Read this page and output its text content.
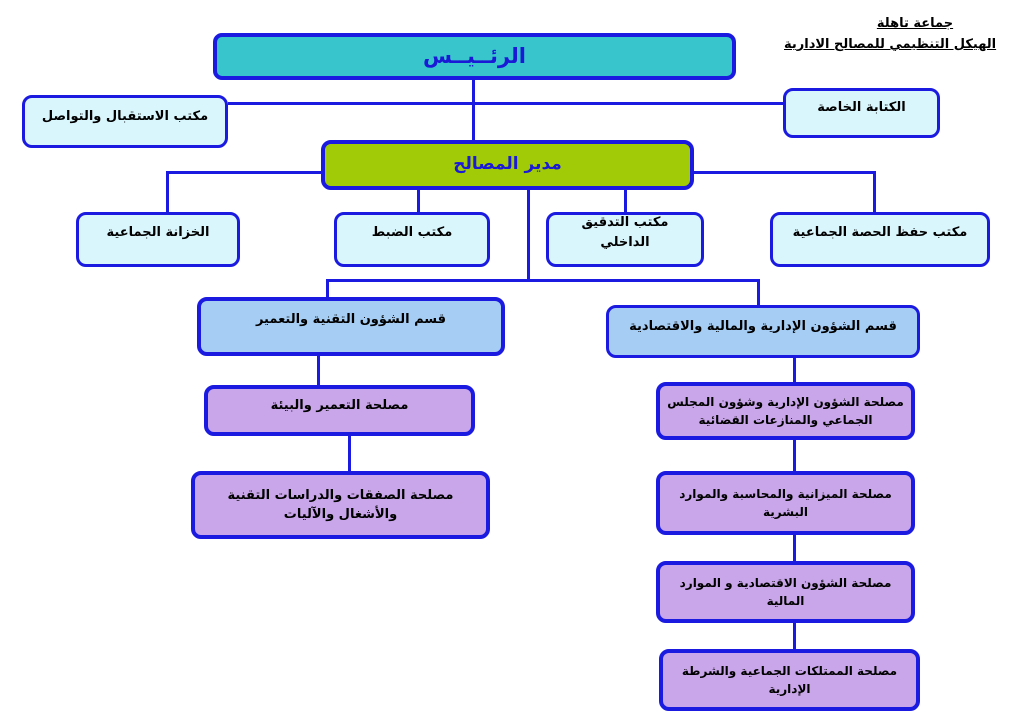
جماعة تاهلة
الهيكل التنظيمي للمصالح الادارية
الرئــيــس
مكتب الاستقبال والتواصل
الكتابة الخاصة
مدير المصالح
الخزانة الجماعية	مكتب الضبط
مكتب التدقيق الداخلي
مكتب حفظ الحصة الجماعية
قسم الشؤون التقنية والتعمير	قسم الشؤون الإدارية والمالية والاقتصادية
مصلحة التعمير والبيئة
مصلحة الصفقات والدراسات التقنية والأشغال والآليات
مصلحة الشؤون الإدارية وشؤون المجلس الجماعي والمنازعات القضائية
مصلحة الميزانية والمحاسبة والموارد البشرية
مصلحة الشؤون الاقتصادية و الموارد المالية
مصلحة الممتلكات الجماعية والشرطة الإدارية
